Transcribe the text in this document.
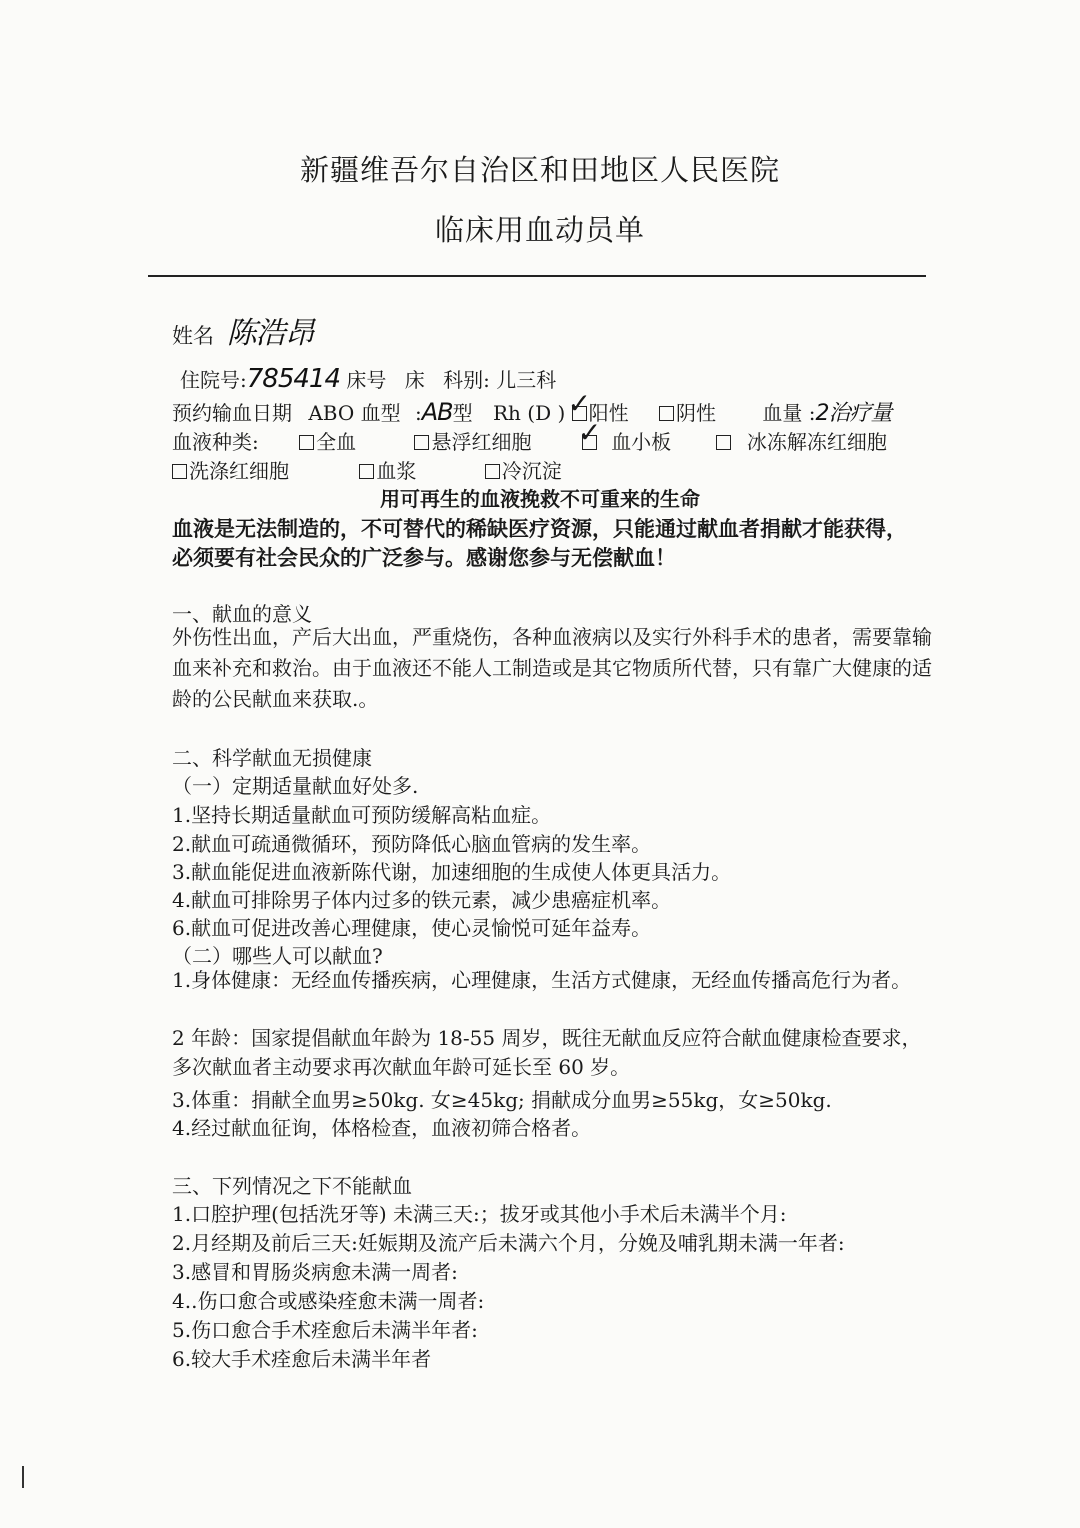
新疆维吾尔自治区和田地区人民医院
临床用血动员单
姓名 陈浩昂
住院号:785414 床号 床 科别: 儿三科
预约输血日期 ABO 血型 :AB型 Rh (D ) ✓
阳性 阴性 血量 :2治疗量
血液种类:	全血	悬浮红细胞 ✓ 血小板	冰冻解冻红细胞
洗涤红细胞	血浆	冷沉淀
用可再生的血液挽救不可重来的生命
血液是无法制造的，不可替代的稀缺医疗资源，只能通过献血者捐献才能获得，
必须要有社会民众的广泛参与。感谢您参与无偿献血！
一、献血的意义
外伤性出血，产后大出血，严重烧伤，各种血液病以及实行外科手术的患者，需要靠输血来补充和救治。由于血液还不能人工制造或是其它物质所代替，只有靠广大健康的适龄的公民献血来获取.。
二、科学献血无损健康
（一）定期适量献血好处多.
1.坚持长期适量献血可预防缓解高粘血症。
2.献血可疏通微循环，预防降低心脑血管病的发生率。
3.献血能促进血液新陈代谢，加速细胞的生成使人体更具活力。
4.献血可排除男子体内过多的铁元素，减少患癌症机率。
6.献血可促进改善心理健康，使心灵愉悦可延年益寿。
（二）哪些人可以献血?
1.身体健康：无经血传播疾病，心理健康，生活方式健康，无经血传播高危行为者。
2 年龄：国家提倡献血年龄为 18-55 周岁，既往无献血反应符合献血健康检查要求，多次献血者主动要求再次献血年龄可延长至 60 岁。
3.体重：捐献全血男≥50kg. 女≥45kg; 捐献成分血男≥55kg，女≥50kg.
4.经过献血征询，体格检查，血液初筛合格者。
三、下列情况之下不能献血
1.口腔护理(包括洗牙等) 未满三天:；拔牙或其他小手术后未满半个月:
2.月经期及前后三天:妊娠期及流产后未满六个月，分娩及哺乳期未满一年者:
3.感冒和胃肠炎病愈未满一周者:
4..伤口愈合或感染痊愈未满一周者:
5.伤口愈合手术痊愈后未满半年者:
6.较大手术痊愈后未满半年者
